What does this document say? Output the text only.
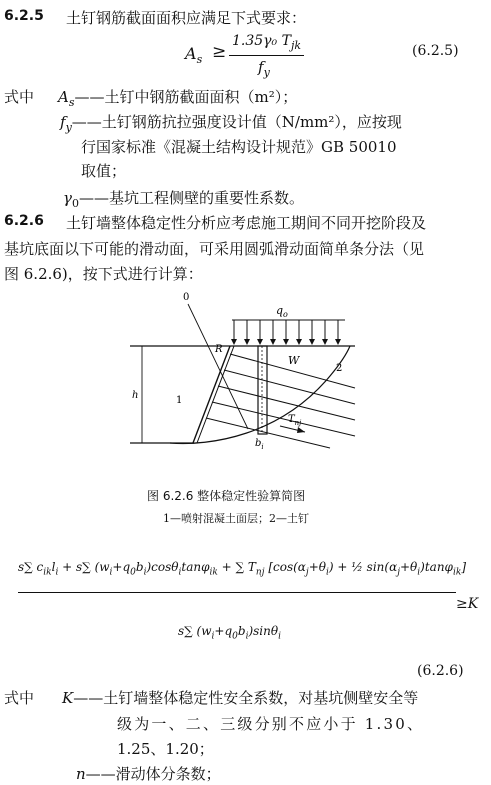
6.2.5 土钉钢筋截面面积应满足下式要求：
$A_s$ ≥
1.35γ₀ $T_{jk}$
$f_y$
(6.2.5)
式中 $A_s——$土钉中钢筋截面面积（m²）；
$f_y——$土钉钢筋抗拉强度设计值（N/mm²），应按现
行国家标准《混凝土结构设计规范》GB 50010
取值；
$\gamma_0——$基坑工程侧壁的重要性系数。
6.2.6 土钉墙整体稳定性分析应考虑施工期间不同开挖阶段及
基坑底面以下可能的滑动面，可采用圆弧滑动面简单条分法（见
图 6.2.6)，按下式进行计算：
0
$q_o$
R
W
2
1
h
$b_i$
$T_{nj}$
图 6.2.6 整体稳定性验算简图
1—喷射混凝土面层；2—土钉
s∑ $c_{ik}l_i + s\sum$ $(w_i+q_0b_i)\cos\theta_i\tan\varphi_{ik}$ + ∑ $T_{nj}$ [$\cos(\alpha_j+\theta_i)$ + ½ $\sin(\alpha_j+\theta_i)\tan\varphi_{ik}$]
≥K
s∑ $(w_i+q_0b_i)\sin\theta_i$
(6.2.6)
式中 K——土钉墙整体稳定性安全系数，对基坑侧壁安全等
级为一、二、三级分别不应小于 1.30、
1.25、1.20；
n——滑动体分条数；
